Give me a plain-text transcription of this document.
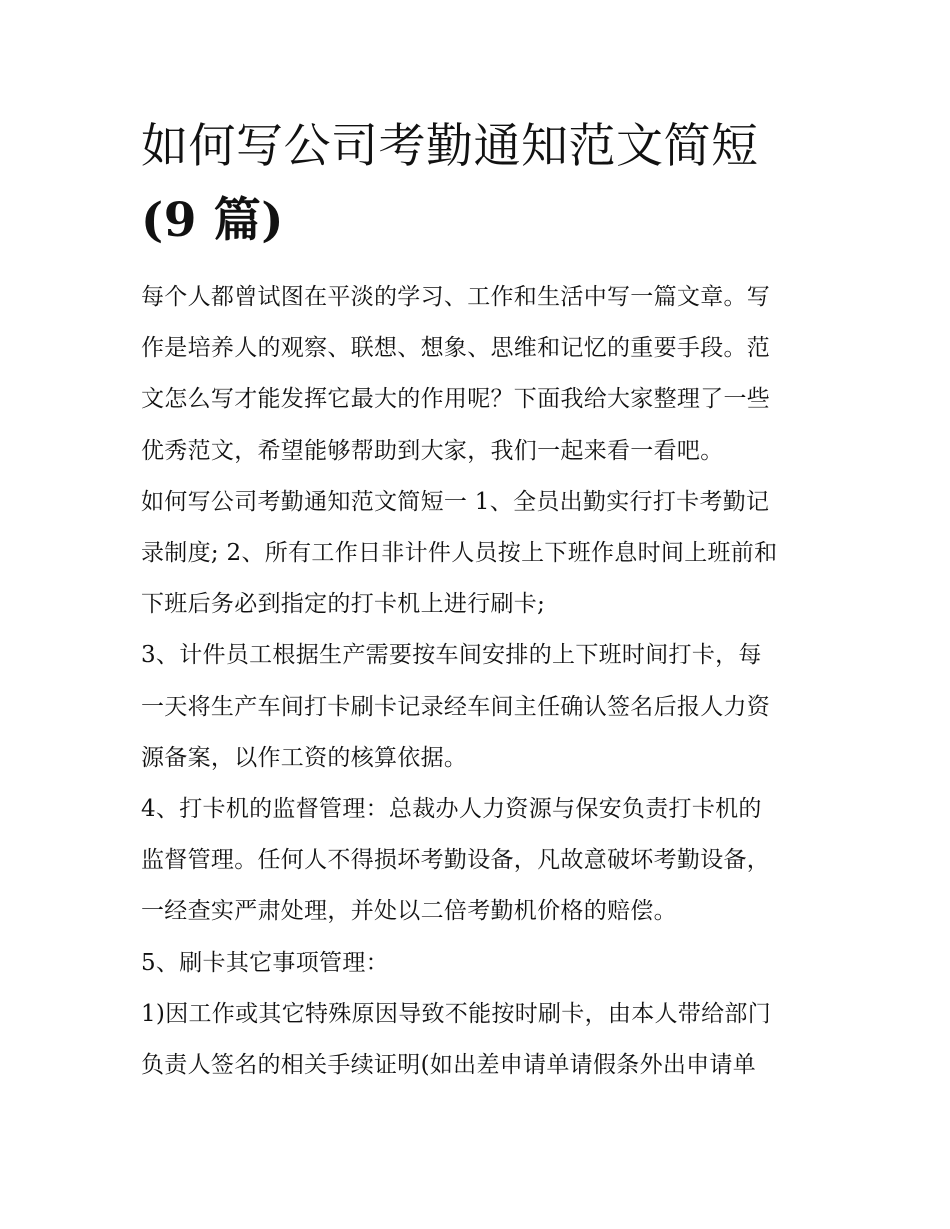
如何写公司考勤通知范文简短
(9 篇)

每个人都曾试图在平淡的学习、工作和生活中写一篇文章。写
作是培养人的观察、联想、想象、思维和记忆的重要手段。范
文怎么写才能发挥它最大的作用呢？下面我给大家整理了一些
优秀范文，希望能够帮助到大家，我们一起来看一看吧。

如何写公司考勤通知范文简短一 1、全员出勤实行打卡考勤记
录制度; 2、所有工作日非计件人员按上下班作息时间上班前和
下班后务必到指定的打卡机上进行刷卡;

3、计件员工根据生产需要按车间安排的上下班时间打卡，每
一天将生产车间打卡刷卡记录经车间主任确认签名后报人力资
源备案，以作工资的核算依据。

4、打卡机的监督管理：总裁办人力资源与保安负责打卡机的
监督管理。任何人不得损坏考勤设备，凡故意破坏考勤设备，
一经查实严肃处理，并处以二倍考勤机价格的赔偿。

5、刷卡其它事项管理：

1)因工作或其它特殊原因导致不能按时刷卡，由本人带给部门
负责人签名的相关手续证明(如出差申请单请假条外出申请单
